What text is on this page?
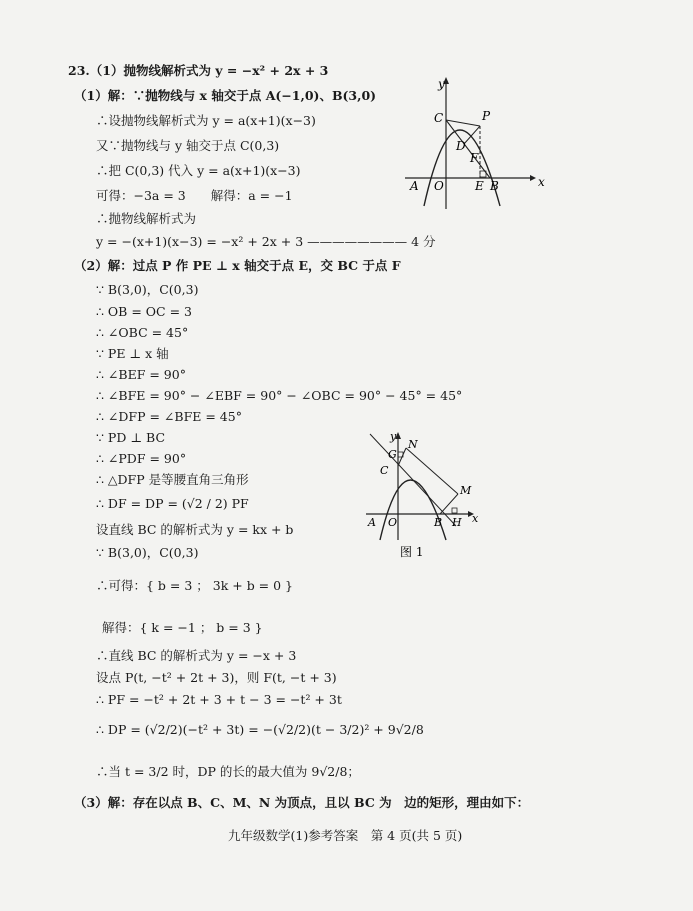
23.（1）抛物线解析式为 y = −x² + 2x + 3
（1）解：∵抛物线与 x 轴交于点 A(−1,0)、B(3,0)
∴设抛物线解析式为 y = a(x+1)(x−3)
又∵抛物线与 y 轴交于点 C(0,3)
∴把 C(0,3) 代入 y = a(x+1)(x−3)
可得：−3a = 3　　解得：a = −1
∴抛物线解析式为
y = −(x+1)(x−3) = −x² + 2x + 3 ———————— 4 分
（2）解：过点 P 作 PE ⊥ x 轴交于点 E，交 BC 于点 F
∵ B(3,0)，C(0,3)
∴ OB = OC = 3
∴ ∠OBC = 45°
∵ PE ⊥ x 轴
∴ ∠BEF = 90°
∴ ∠BFE = 90° − ∠EBF = 90° − ∠OBC = 90° − 45° = 45°
∴ ∠DFP = ∠BFE = 45°
∵ PD ⊥ BC
∴ ∠PDF = 90°
∴ △DFP 是等腰直角三角形
∴ DF = DP = (√2 / 2) PF
设直线 BC 的解析式为 y = kx + b
∵ B(3,0)，C(0,3)
∴可得：{ b = 3 ； 3k + b = 0 }
解得：{ k = −1 ； b = 3 }
∴直线 BC 的解析式为 y = −x + 3
设点 P(t, −t² + 2t + 3)，则 F(t, −t + 3)
∴ PF = −t² + 2t + 3 + t − 3 = −t² + 3t
∴ DP = (√2/2)(−t² + 3t) = −(√2/2)(t − 3/2)² + 9√2/8
∴当 t = 3/2 时，DP 的长的最大值为 9√2/8；
（3）解：存在以点 B、C、M、N 为顶点，且以 BC 为　边的矩形，理由如下：
九年级数学(1)参考答案　第 4 页(共 5 页)
y
x
C	P
D
F
A O	E B
y
x
G
N
C
M
A O	B H
图 1
